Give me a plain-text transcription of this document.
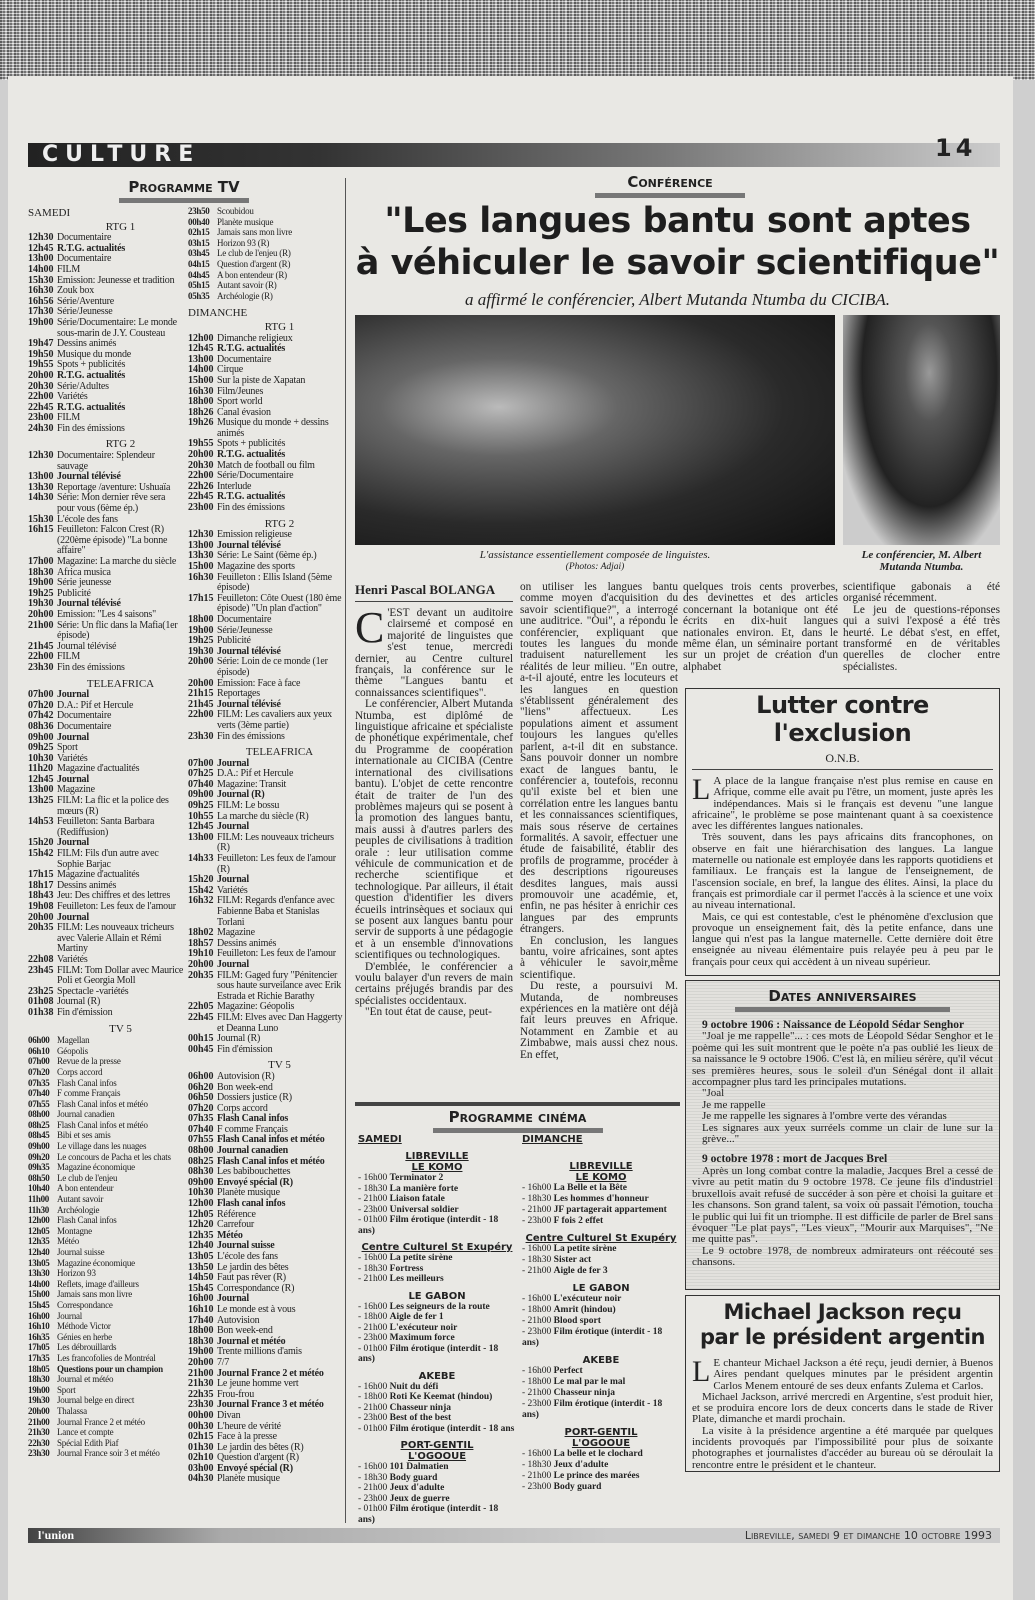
CULTURE	14
Programme TV
SAMEDI
RTG 1
12h30 Documentaire
12h45 R.T.G. actualités
13h00 Documentaire
14h00 FILM
15h30 Emission: Jeunesse et tradition
16h30 Zouk box
16h56 Série/Aventure
17h30 Série/Jeunesse
19h00 Série/Documentaire: Le monde sous-marin de J.Y. Cousteau
19h47 Dessins animés
19h50 Musique du monde
19h55 Spots + publicités
20h00 R.T.G. actualités
20h30 Série/Adultes
22h00 Variétés
22h45 R.T.G. actualités
23h00 FILM
24h30 Fin des émissions
RTG 2
12h30 Documentaire: Splendeur sauvage
13h00 Journal télévisé
13h30 Reportage /aventure: Ushuaïa
14h30 Série: Mon dernier rêve sera pour vous (6ème ép.)
15h30 L'école des fans
16h15 Feuilleton: Falcon Crest (R) (220ème épisode) "La bonne affaire"
17h00 Magazine: La marche du siècle
18h30 Africa musica
19h00 Série jeunesse
19h25 Publicité
19h30 Journal télévisé
20h00 Emission: "Les 4 saisons"
21h00 Série: Un flic dans la Mafia(1er épisode)
21h45 Journal télévisé
22h00 FILM
23h30 Fin des émissions
TELEAFRICA
07h00 Journal
07h20 D.A.: Pif et Hercule
07h42 Documentaire
08h36 Documentaire
09h00 Journal
09h25 Sport
10h30 Variétés
11h20 Magazine d'actualités
12h45 Journal
13h00 Magazine
13h25 FILM: La flic et la police des mœurs (R)
14h53 Feuilleton: Santa Barbara (Rediffusion)
15h20 Journal
15h42 FILM: Fils d'un autre avec Sophie Barjac
17h15 Magazine d'actualités
18h17 Dessins animés
18h43 Jeu: Des chiffres et des lettres
19h08 Feuilleton: Les feux de l'amour
20h00 Journal
20h35 FILM: Les nouveaux tricheurs avec Valerie Allain et Rémi Martiny
22h08 Variétés
23h45 FILM: Tom Dollar avec Maurice Poli et Georgia Moll
23h25 Spectacle -variétés
01h08 Journal (R)
01h38 Fin d'émission
TV 5
06h00 Magellan
06h10 Géopolis
07h00 Revue de la presse
07h20 Corps accord
07h35 Flash Canal infos
07h40 F comme Français
07h55 Flash Canal infos et météo
08h00 Journal canadien
08h25 Flash Canal infos et météo
08h45 Bibi et ses amis
09h00 Le village dans les nuages
09h20 Le concours de Pacha et les chats
09h35 Magazine économique
08h50 Le club de l'enjeu
10h40 A bon entendeur
11h00 Autant savoir
11h30 Archéologie
12h00 Flash Canal infos
12h05 Montagne
12h35 Météo
12h40 Journal suisse
13h05 Magazine économique
13h30 Horizon 93
14h00 Reflets, image d'ailleurs
15h00 Jamais sans mon livre
15h45 Correspondance
16h00 Journal
16h10 Méthode Victor
16h35 Génies en herbe
17h05 Les débrouillards
17h35 Les francofolies de Montréal
18h05 Questions pour un champion
18h30 Journal et météo
19h00 Sport
19h30 Journal belge en direct
20h00 Thalassa
21h00 Journal France 2 et météo
21h30 Lance et compte
22h30 Spécial Edith Piaf
23h30 Journal France soir 3 et météo
23h50 Scoubidou
00h40 Planète musique
02h15 Jamais sans mon livre
03h15 Horizon 93 (R)
03h45 Le club de l'enjeu (R)
04h15 Question d'argent (R)
04h45 A bon entendeur (R)
05h15 Autant savoir (R)
05h35 Archéologie (R)
DIMANCHE
RTG 1
12h00 Dimanche religieux
12h45 R.T.G. actualités
13h00 Documentaire
14h00 Cirque
15h00 Sur la piste de Xapatan
16h30 Film/Jeunes
18h00 Sport world
18h26 Canal évasion
19h26 Musique du monde + dessins animés
19h55 Spots + publicités
20h00 R.T.G. actualités
20h30 Match de football ou film
22h00 Série/Documentaire
22h26 Interlude
22h45 R.T.G. actualités
23h00 Fin des émissions
RTG 2
12h30 Emission religieuse
13h00 Journal télévisé
13h30 Série: Le Saint (6ème ép.)
15h00 Magazine des sports
16h30 Feuilleton : Ellis Island (5ème épisode)
17h15 Feuilleton: Côte Ouest (180 ème épisode) "Un plan d'action"
18h00 Documentaire
19h00 Série/Jeunesse
19h25 Publicité
19h30 Journal télévisé
20h00 Série: Loin de ce monde (1er épisode)
20h00 Emission: Face à face
21h15 Reportages
21h45 Journal télévisé
22h00 FILM: Les cavaliers aux yeux verts (3ème partie)
23h30 Fin des émissions
TELEAFRICA
07h00 Journal
07h25 D.A.: Pif et Hercule
07h40 Magazine: Transit
09h00 Journal (R)
09h25 FILM: Le bossu
10h55 La marche du siècle (R)
12h45 Journal
13h00 FILM: Les nouveaux tricheurs (R)
14h33 Feuilleton: Les feux de l'amour (R)
15h20 Journal
15h42 Variétés
16h32 FILM: Regards d'enfance avec Fabienne Baba et Stanislas Torlani
18h02 Magazine
18h57 Dessins animés
19h10 Feuilleton: Les feux de l'amour
20h00 Journal
20h35 FILM: Gaged fury "Pénitencier sous haute surveilance avec Erik Estrada et Richie Barathy
22h05 Magazine: Géopolis
22h45 FILM: Elves avec Dan Haggerty et Deanna Luno
00h15 Journal (R)
00h45 Fin d'émission
TV 5
06h00 Autovision (R)
06h20 Bon week-end
06h50 Dossiers justice (R)
07h20 Corps accord
07h35 Flash Canal infos
07h40 F comme Français
07h55 Flash Canal infos et météo
08h00 Journal canadien
08h25 Flash Canal infos et météo
08h30 Les babibouchettes
09h00 Envoyé spécial (R)
10h30 Planète musique
12h00 Flash canal infos
12h05 Référence
12h20 Carrefour
12h35 Météo
12h40 Journal suisse
13h05 L'école des fans
13h50 Le jardin des bêtes
14h50 Faut pas rêver (R)
15h45 Correspondance (R)
16h00 Journal
16h10 Le monde est à vous
17h40 Autovision
18h00 Bon week-end
18h30 Journal et météo
19h00 Trente millions d'amis
20h00 7/7
21h00 Journal France 2 et météo
21h30 Le jeune homme vert
22h35 Frou-frou
23h30 Journal France 3 et météo
00h00 Divan
00h30 L'heure de vérité
02h15 Face à la presse
01h30 Le jardin des bêtes (R)
02h10 Question d'argent (R)
03h00 Envoyé spécial (R)
04h30 Planète musique
Conférence
"Les langues bantu sont aptes
à véhiculer le savoir scientifique"
a affirmé le conférencier, Albert Mutanda Ntumba du CICIBA.
L'assistance essentiellement composée de linguistes.
(Photos: Adjai)
Le conférencier, M. Albert Mutanda Ntumba.
Henri Pascal BOLANGA
C 'EST devant un auditoire clairsemé et composé en majorité de linguistes que s'est tenue, mercredi dernier, au Centre culturel français, la conférence sur le thème "Langues bantu et connaissances scientifiques".

Le conférencier, Albert Mutanda Ntumba, est diplômé de linguistique africaine et spécialiste de phonétique expérimentale, chef du Programme de coopération internationale au CICIBA (Centre international des civilisations bantu). L'objet de cette rencontre était de traiter de l'un des problèmes majeurs qui se posent à la promotion des langues bantu, mais aussi à d'autres parlers des peuples de civilisations à tradition orale : leur utilisation comme véhicule de communication et de recherche scientifique et technologique. Par ailleurs, il était question d'identifier les divers écueils intrinsèques et sociaux qui se posent aux langues bantu pour servir de supports à une pédagogie et à un ensemble d'innovations scientifiques ou technologiques.

D'emblée, le conférencier a voulu balayer d'un revers de main certains préjugés brandis par des spécialistes occidentaux.

"En tout état de cause, peut-

on utiliser les langues bantu comme moyen d'acquisition du savoir scientifique?", a interrogé une auditrice. "Oui", a répondu le conférencier, expliquant que toutes les langues du monde traduisent naturellement les réalités de leur milieu. "En outre, a-t-il ajouté, entre les locuteurs et les langues en question s'établissent généralement des "liens" affectueux. Les populations aiment et assument toujours les langues qu'elles parlent, a-t-il dit en substance. Sans pouvoir donner un nombre exact de langues bantu, le conférencier a, toutefois, reconnu qu'il existe bel et bien une corrélation entre les langues bantu et les connaissances scientifiques, mais sous réserve de certaines formalités. A savoir, effectuer une étude de faisabilité, établir des profils de programme, procéder à des descriptions rigoureuses desdites langues, mais aussi promouvoir une académie, et, enfin, ne pas hésiter à enrichir ces langues par des emprunts étrangers.

En conclusion, les langues bantu, voire africaines, sont aptes à véhiculer le savoir,même scientifique.

Du reste, a poursuivi M. Mutanda, de nombreuses expériences en la matière ont déjà fait leurs preuves en Afrique. Notamment en Zambie et au Zimbabwe, mais aussi chez nous. En effet,

quelques trois cents proverbes, des devinettes et des articles concernant la botanique ont été écrits en dix-huit langues nationales environ. Et, dans le même élan, un séminaire portant sur un projet de création d'un alphabet

scientifique gabonais a été organisé récemment.

Le jeu de questions-réponses qui a suivi l'exposé a été très heurté. Le débat s'est, en effet, transformé en de véritables querelles de clocher entre spécialistes.

Lutter contre l'exclusion
O.N.B.
L A place de la langue française n'est plus remise en cause en Afrique, comme elle avait pu l'être, un moment, juste après les indépendances. Mais si le français est devenu "une langue africaine", le problème se pose maintenant quant à sa coexistence avec les différentes langues nationales.

Très souvent, dans les pays africains dits francophones, on observe en fait une hiérarchisation des langues. La langue maternelle ou nationale est employée dans les rapports quotidiens et familiaux. Le français est la langue de l'enseignement, de l'ascension sociale, en bref, la langue des élites. Ainsi, la place du français est primordiale car il permet l'accès à la science et une voix au niveau international.

Mais, ce qui est contestable, c'est le phénomène d'exclusion que provoque un enseignement fait, dès la petite enfance, dans une langue qui n'est pas la langue maternelle. Cette dernière doit être enseignée au niveau élémentaire puis relayée peu à peu par le français pour ceux qui accèdent à un niveau supérieur.

Dates anniversaires
9 octobre 1906 : Naissance de Léopold Sédar Senghor

"Joal je me rappelle"... : ces mots de Léopold Sédar Senghor et le poème qui les suit montrent que le poète n'a pas oublié les lieux de sa naissance le 9 octobre 1906. C'est là, en milieu sérère, qu'il vécut ses premières heures, sous le soleil d'un Sénégal dont il allait accompagner plus tard les principales mutations.

"Joal
Je me rappelle
Je me rappelle les signares à l'ombre verte des vérandas
Les signares aux yeux surréels comme un clair de lune sur la grève..."
9 octobre 1978 : mort de Jacques Brel

Après un long combat contre la maladie, Jacques Brel a cessé de vivre au petit matin du 9 octobre 1978. Ce jeune fils d'industriel bruxellois avait refusé de succéder à son père et choisi la guitare et les chansons. Son grand talent, sa voix où passait l'émotion, toucha le public qui lui fit un triomphe. Il est difficile de parler de Brel sans évoquer "Le plat pays", "Les vieux", "Mourir aux Marquises", "Ne me quitte pas".

Le 9 octobre 1978, de nombreux admirateurs ont réécouté ses chansons.

Michael Jackson reçu
par le président argentin
L E chanteur Michael Jackson a été reçu, jeudi dernier, à Buenos Aires pendant quelques minutes par le président argentin Carlos Menem entouré de ses deux enfants Zulema et Carlos.

Michael Jackson, arrivé mercredi en Argentine, s'est produit hier, et se produira encore lors de deux concerts dans le stade de River Plate, dimanche et mardi prochain.

La visite à la présidence argentine a été marquée par quelques incidents provoqués par l'impossibilité pour plus de soixante photographes et journalistes d'accéder au bureau où se déroulait la rencontre entre le président et le chanteur.

Programme cinéma
SAMEDI
LIBREVILLE
LE KOMO
- 16h00 Terminator 2
- 18h30 La manière forte
- 21h00 Liaison fatale
- 23h00 Universal soldier
- 01h00 Film érotique (interdit - 18 ans)
Centre Culturel St Exupéry
- 16h00 La petite sirène
- 18h30 Fortress
- 21h00 Les meilleurs
LE GABON
- 16h00 Les seigneurs de la route
- 18h00 Aigle de fer 1
- 21h00 L'exécuteur noir
- 23h00 Maximum force
- 01h00 Film érotique (interdit - 18 ans)
AKEBE
- 16h00 Nuit du défi
- 18h00 Roti Ke Keemat (hindou)
- 21h00 Chasseur ninja
- 23h00 Best of the best
- 01h00 Film érotique (interdit - 18 ans
PORT-GENTIL
L'OGOOUE
- 16h00 101 Dalmatien
- 18h30 Body guard
- 21h00 Jeux d'adulte
- 23h00 Jeux de guerre
- 01h00 Film érotique (interdit - 18 ans)
DIMANCHE
LIBREVILLE
LE KOMO
- 16h00 La Belle et la Bête
- 18h30 Les hommes d'honneur
- 21h00 JF partagerait appartement
- 23h00 F fois 2 effet
Centre Culturel St Exupéry
- 16h00 La petite sirène
- 18h30 Sister act
- 21h00 Aigle de fer 3
LE GABON
- 16h00 L'exécuteur noir
- 18h00 Amrit (hindou)
- 21h00 Blood sport
- 23h00 Film érotique (interdit - 18 ans)
AKEBE
- 16h00 Perfect
- 18h00 Le mal par le mal
- 21h00 Chasseur ninja
- 23h00 Film érotique (interdit - 18 ans)
PORT-GENTIL
L'OGOOUE
- 16h00 La belle et le clochard
- 18h30 Jeux d'adulte
- 21h00 Le prince des marées
- 23h00 Body guard
l'union	Libreville, samedi 9 et dimanche 10 octobre 1993
